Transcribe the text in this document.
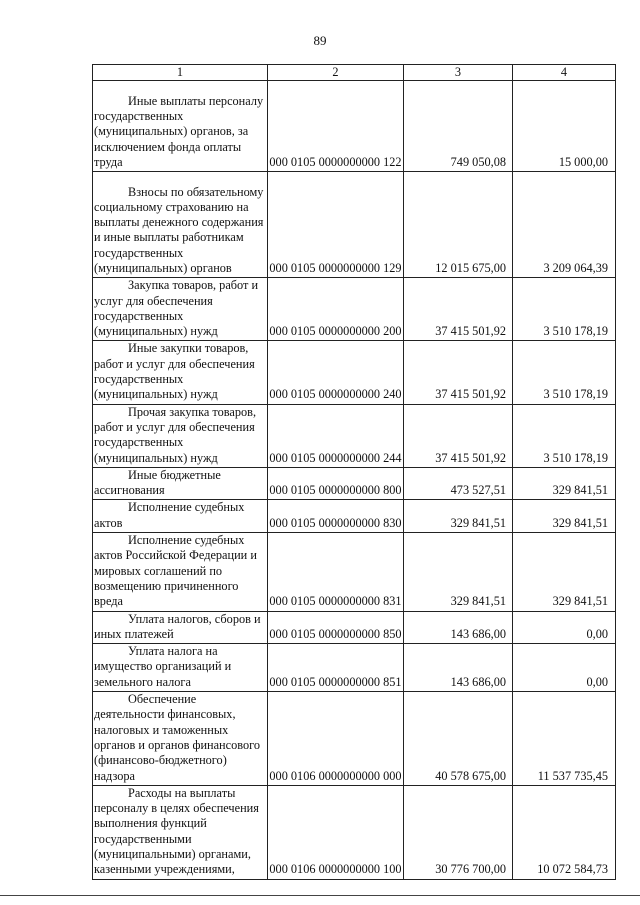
89
1	2	3	4

Иные выплаты персоналу государственных (муниципальных) органов, за исключением фонда оплаты труда	000 0105 0000000000 122	749 050,08	15 000,00

Взносы по обязательному социальному страхованию на выплаты денежного содержания и иные выплаты работникам государственных (муниципальных) органов	000 0105 0000000000 129	12 015 675,00	3 209 064,39

Закупка товаров, работ и услуг для обеспечения государственных (муниципальных) нужд	000 0105 0000000000 200	37 415 501,92	3 510 178,19

Иные закупки товаров, работ и услуг для обеспечения государственных (муниципальных) нужд	000 0105 0000000000 240	37 415 501,92	3 510 178,19

Прочая закупка товаров, работ и услуг для обеспечения государственных (муниципальных) нужд	000 0105 0000000000 244	37 415 501,92	3 510 178,19

Иные бюджетные ассигнования	000 0105 0000000000 800	473 527,51	329 841,51

Исполнение судебных актов	000 0105 0000000000 830	329 841,51	329 841,51

Исполнение судебных актов Российской Федерации и мировых соглашений по возмещению причиненного вреда	000 0105 0000000000 831	329 841,51	329 841,51

Уплата налогов, сборов и иных платежей	000 0105 0000000000 850	143 686,00	0,00

Уплата налога на имущество организаций и земельного налога	000 0105 0000000000 851	143 686,00	0,00

Обеспечение деятельности финансовых, налоговых и таможенных органов и органов финансового (финансово-бюджетного) надзора	000 0106 0000000000 000	40 578 675,00	11 537 735,45

Расходы на выплаты персоналу в целях обеспечения выполнения функций государственными (муниципальными) органами, казенными учреждениями,	000 0106 0000000000 100	30 776 700,00	10 072 584,73
